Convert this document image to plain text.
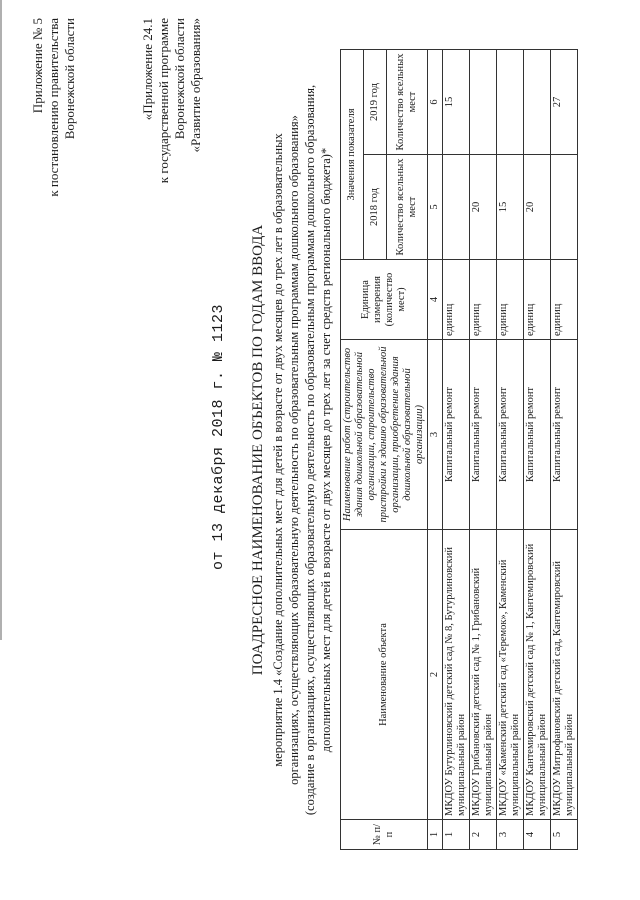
Приложение № 5 к постановлению правительства Воронежской области
от 13 декабря 2018 г. № 1123
«Приложение 24.1 к государственной программе Воронежской области «Развитие образования»
ПОАДРЕСНОЕ НАИМЕНОВАНИЕ ОБЪЕКТОВ ПО ГОДАМ ВВОДА мероприятие 1.4 «Создание дополнительных мест для детей в возрасте от двух месяцев до трех лет в образовательных организациях, осуществляющих образовательную деятельность по образовательным программам дошкольного образования» (создание в организациях, осуществляющих образовательную деятельность по образовательным программам дошкольного образования, дополнительных мест для детей в возрасте от двух месяцев до трех лет за счет средств регионального бюджета)*
№ п/п	Наименование объекта	Наименование работ (строительство здания дошкольной образовательной организации, строительство пристройки к зданию образовательной организации, приобретение здания дошкольной образовательной организации)	Единица измерения (количество мест)	Значения показателя	
				2018 год	2019 год
				Количество ясельных мест	Количество ясельных мест
1	2	3	4	5	6
1	МКДОУ Бутурлиновский детский сад № 8, Бутурлиновский муниципальный район	Капитальный ремонт	единиц		15
2	МКДОУ Грибановский детский сад № 1, Грибановский муниципальный район	Капитальный ремонт	единиц	20	
3	МКДОУ «Каменский детский сад «Теремок», Каменский муниципальный район	Капитальный ремонт	единиц	15	
4	МКДОУ Кантемировский детский сад № 1, Кантемировский муниципальный район	Капитальный ремонт	единиц	20	
5	МКДОУ Митрофановский детский сад, Кантемировский муниципальный район	Капитальный ремонт	единиц		27
